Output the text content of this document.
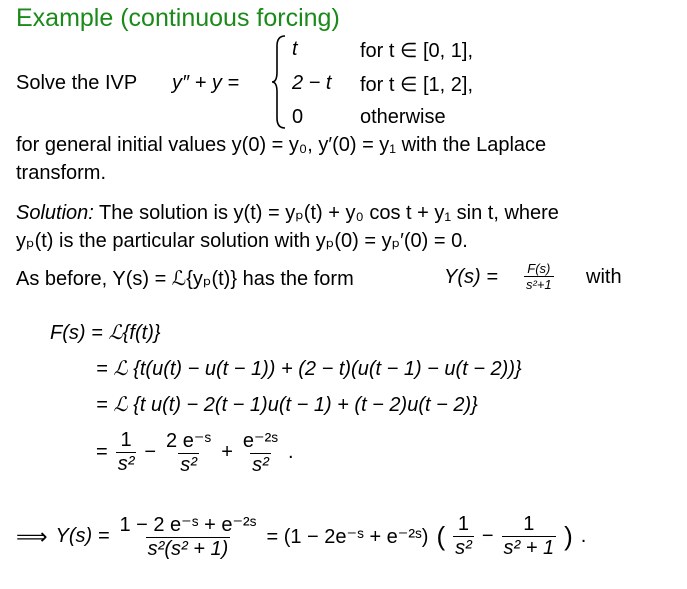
Example (continuous forcing)
Solve the IVP y″ + y =
t	for t ∈ [0, 1],
2 − t for t ∈ [1, 2],
0	otherwise
for general initial values y(0) = y₀, y′(0) = y₁ with the Laplace
transform.
Solution: The solution is y(t) = yₚ(t) + y₀ cos t + y₁ sin t, where
yₚ(t) is the particular solution with yₚ(0) = yₚ′(0) = 0.
As before, Y(s) = ℒ{yₚ(t)} has the form	$Y(s) = \frac{F(s)}{\text{s²+1}}$ with
F(s) = ℒ{f(t)}
= ℒ {t(u(t) − u(t − 1)) + (2 − t)(u(t − 1) − u(t − 2))}
= ℒ {t u(t) − 2(t − 1)u(t − 1) + (t − 2)u(t − 2)}
= $\frac{1}{\text{s²}} - \frac{\text{2 e⁻ˢ}}{\text{s²}} + \frac{\text{e⁻²ˢ}}{\text{s²}}$ .
⟹ $Y(s) = \frac{\text{1 − 2 e⁻ˢ + e⁻²ˢ}}{\text{s²(s² + 1)}} = (1$ − 2e⁻ˢ + e⁻²ˢ) ( $\frac{1}{\text{s²}} - \frac{1}{\text{s² + 1}}$ ) .
